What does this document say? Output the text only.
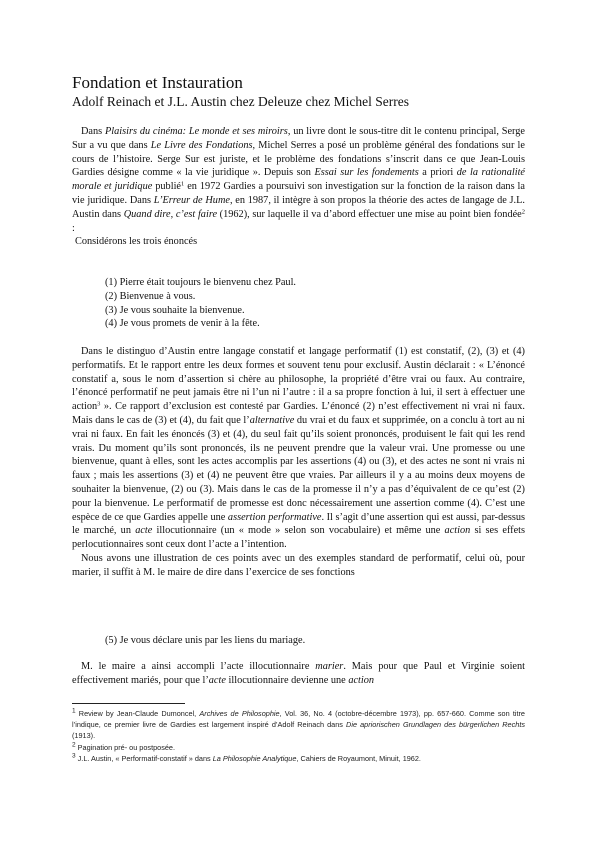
Fondation et Instauration
Adolf Reinach et J.L. Austin chez Deleuze chez Michel Serres

Dans Plaisirs du cinéma: Le monde et ses miroirs, un livre dont le sous-titre dit le contenu principal, Serge Sur a vu que dans Le Livre des Fondations, Michel Serres a posé un problème général des fondations sur le cours de l’histoire. Serge Sur est juriste, et le problème des fondations s’inscrit dans ce que Jean-Louis Gardies désigne comme « la vie juridique ». Depuis son Essai sur les fondements a priori de la rationalité morale et juridique publié$^1$ en 1972 Gardies a poursuivi son investigation sur la fonction de la raison dans la vie juridique. Dans L’Erreur de Hume, en 1987, il intègre à son propos la théorie des actes de langage de J.L. Austin dans Quand dire, c’est faire (1962), sur laquelle il va d’abord effectuer une mise au point bien fondée$^2$ :

Considérons les trois énoncés

(1) Pierre était toujours le bienvenu chez Paul.
(2) Bienvenue à vous.
(3) Je vous souhaite la bienvenue.
(4) Je vous promets de venir à la fête.

Dans le distinguo d’Austin entre langage constatif et langage performatif (1) est constatif, (2), (3) et (4) performatifs. Et le rapport entre les deux formes et souvent tenu pour exclusif. Austin déclarait : « L’énoncé constatif a, sous le nom d’assertion si chère au philosophe, la propriété d’être vrai ou faux. Au contraire, l’énoncé performatif ne peut jamais être ni l’un ni l’autre : il a sa propre fonction à lui, il sert à effectuer une action$^3$ ». Ce rapport d’exclusion est contesté par Gardies. L’énoncé (2) n’est effectivement ni vrai ni faux. Mais dans le cas de (3) et (4), du fait que l’alternative du vrai et du faux et supprimée, on a conclu à tort au ni vrai ni faux. En fait les énoncés (3) et (4), du seul fait qu’ils soient prononcés, produisent le fait qui les rend vrais. Du moment qu’ils sont prononcés, ils ne peuvent prendre que la valeur vrai. Une promesse ou une bienvenue, quant à elles, sont les actes accomplis par les assertions (4) ou (3), et des actes ne sont ni vrais ni faux ; mais les assertions (3) et (4) ne peuvent être que vraies. Par ailleurs il y a au moins deux moyens de souhaiter la bienvenue, (2) ou (3). Mais dans le cas de la promesse il n’y a pas d’équivalent de ce qu’est (2) pour la bienvenue. Le performatif de promesse est donc nécessairement une assertion comme (4). C’est une espèce de ce que Gardies appelle une assertion performative. Il s’agit d’une assertion qui est aussi, par-dessus le marché, un acte illocutionnaire (un « mode » selon son vocabulaire) et même une action si ses effets perlocutionnaires sont ceux dont l’acte a l’intention.

Nous avons une illustration de ces points avec un des exemples standard de performatif, celui où, pour marier, il suffit à M. le maire de dire dans l’exercice de ses fonctions

(5) Je vous déclare unis par les liens du mariage.

M. le maire a ainsi accompli l’acte illocutionnaire marier. Mais pour que Paul et Virginie soient effectivement mariés, pour que l’acte illocutionnaire devienne une action

$^1$ Review by Jean-Claude Dumoncel, Archives de Philosophie, Vol. 36, No. 4 (octobre-décembre 1973), pp. 657-660. Comme son titre l’indique, ce premier livre de Gardies est largement inspiré d’Adolf Reinach dans Die apriorischen Grundlagen des bürgerlichen Rechts (1913).
$^2$ Pagination pré- ou postposée.
$^3$ J.L. Austin, « Performatif-constatif » dans La Philosophie Analytique, Cahiers de Royaumont, Minuit, 1962.
